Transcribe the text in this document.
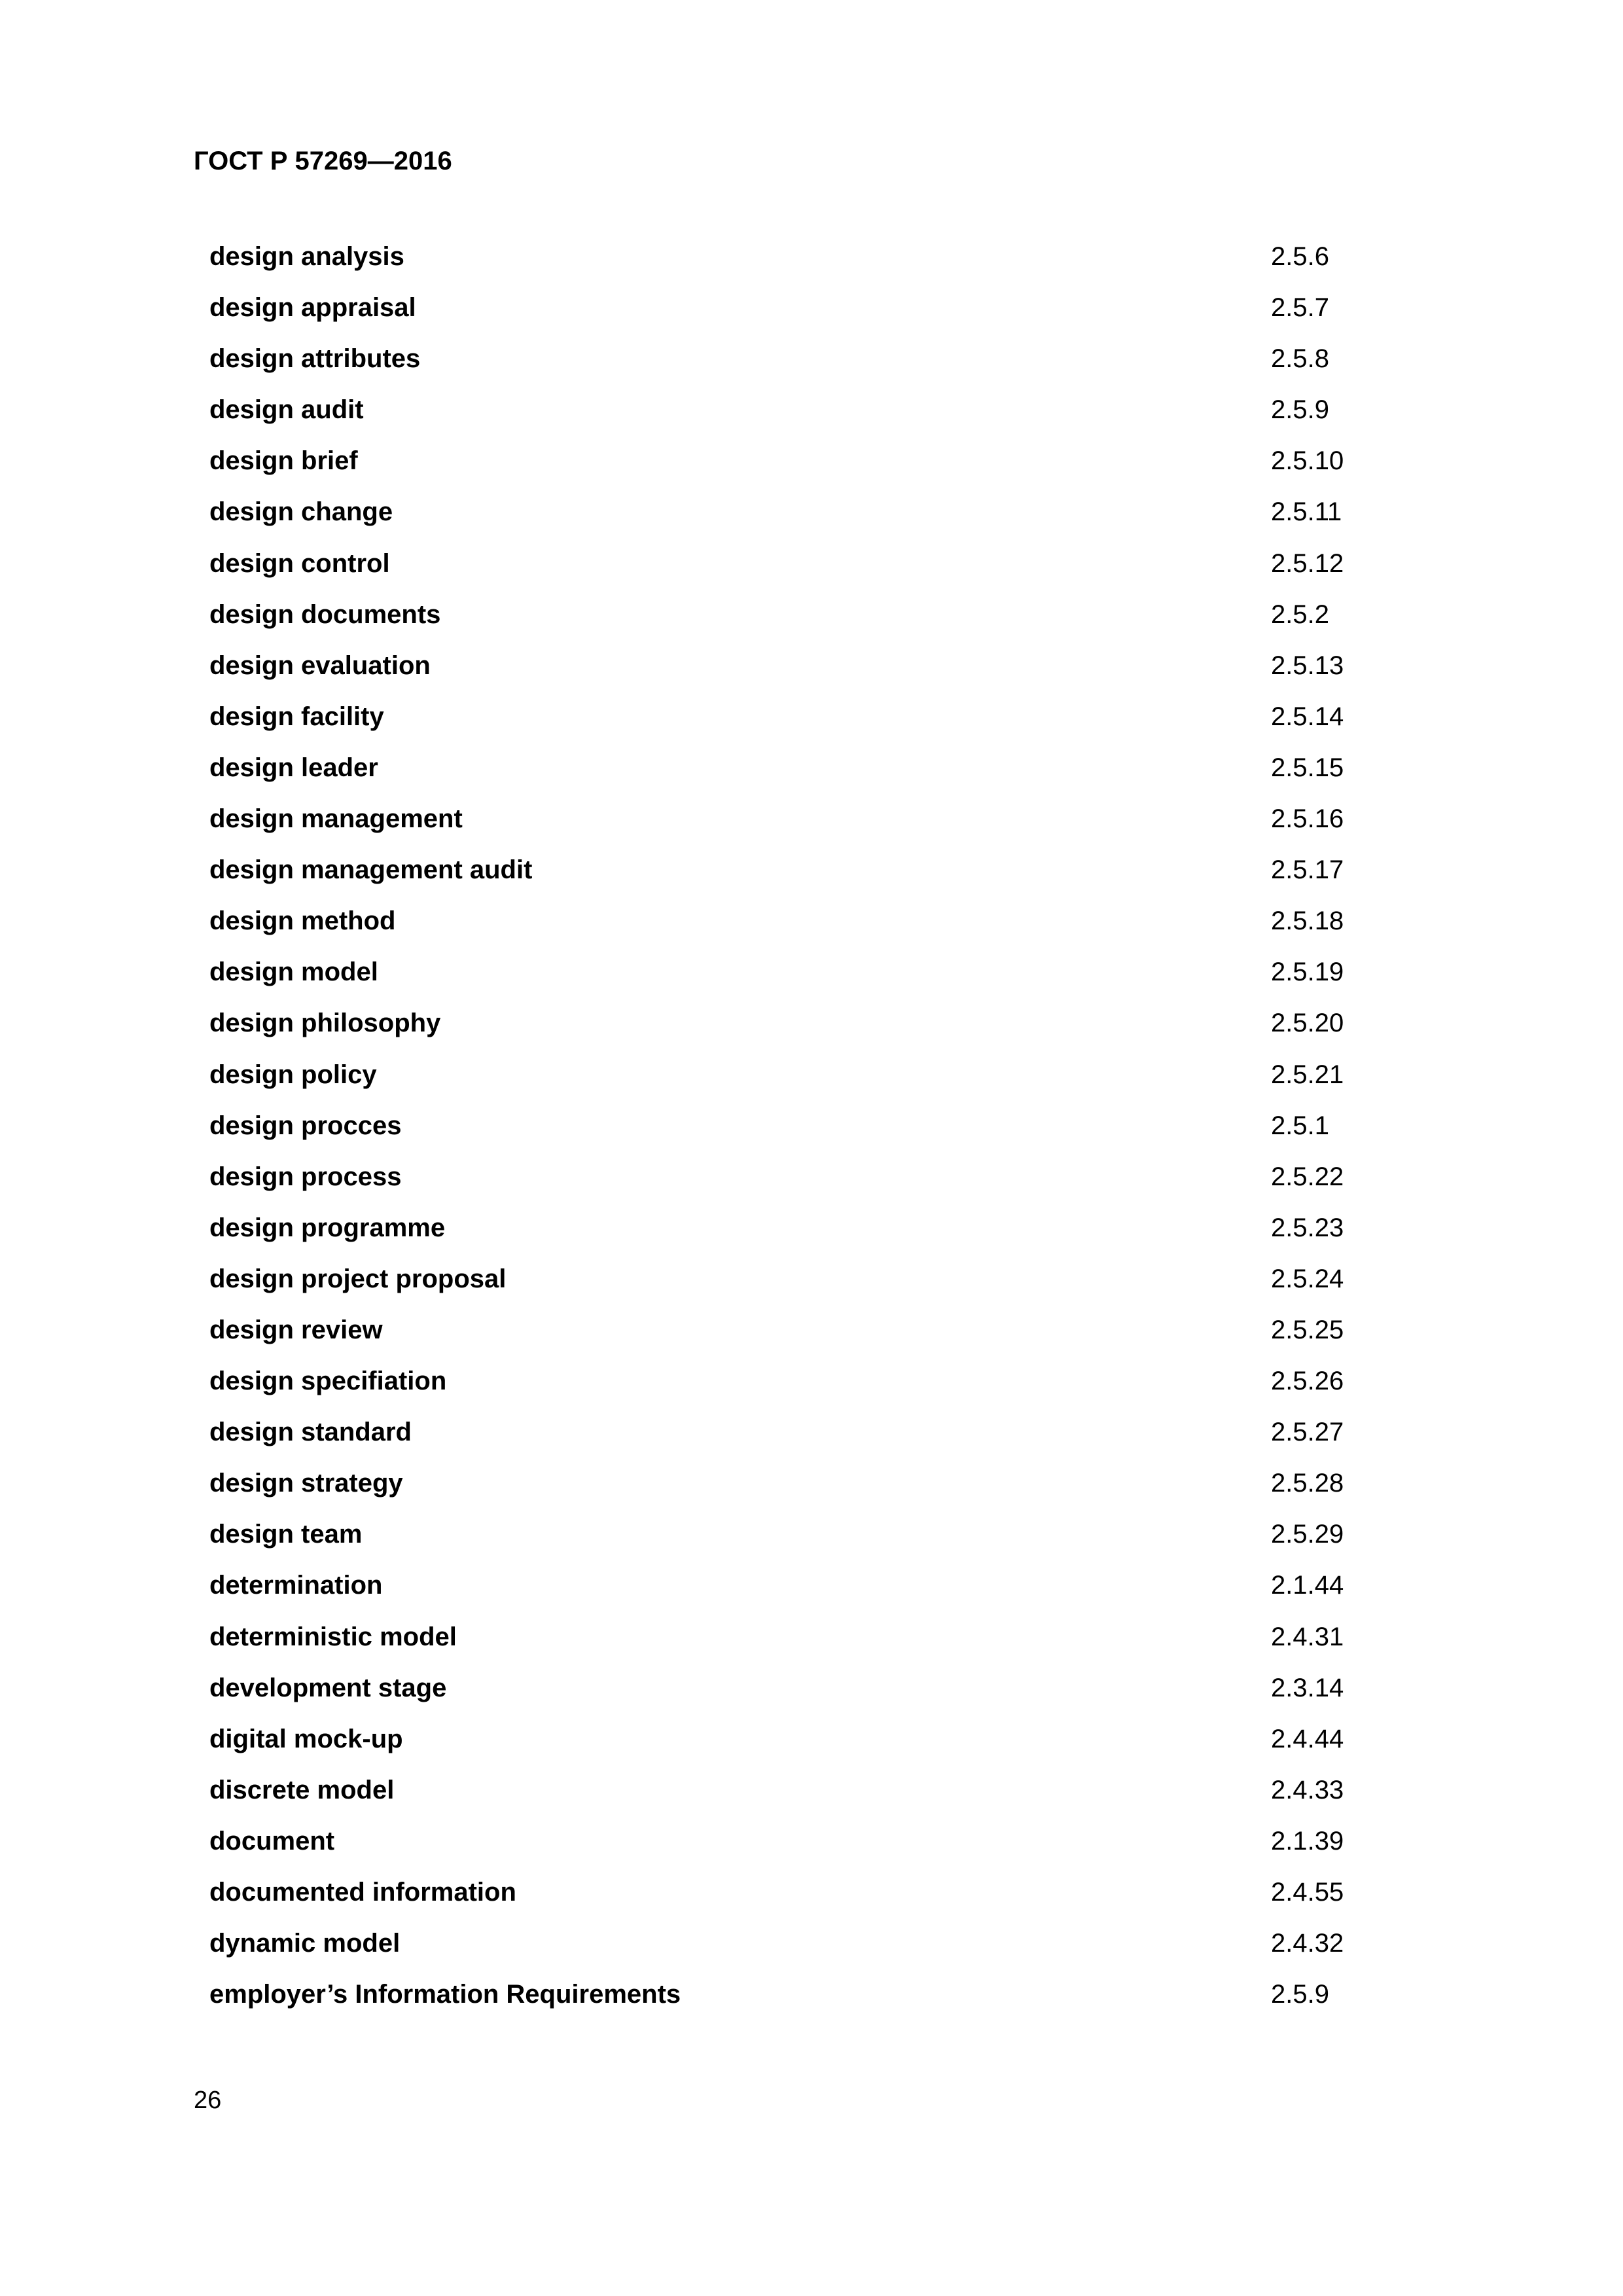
ГОСТ Р 57269—2016
design analysis	2.5.6
design appraisal	2.5.7
design attributes	2.5.8
design audit	2.5.9
design brief	2.5.10
design change	2.5.11
design control	2.5.12
design documents	2.5.2
design evaluation	2.5.13
design facility	2.5.14
design leader	2.5.15
design management	2.5.16
design management audit	2.5.17
design method	2.5.18
design model	2.5.19
design philosophy	2.5.20
design policy	2.5.21
design procces	2.5.1
design process	2.5.22
design programme	2.5.23
design project proposal	2.5.24
design review	2.5.25
design specifiation	2.5.26
design standard	2.5.27
design strategy	2.5.28
design team	2.5.29
determination	2.1.44
deterministic model	2.4.31
development stage	2.3.14
digital mock-up	2.4.44
discrete model	2.4.33
document	2.1.39
documented information	2.4.55
dynamic model	2.4.32
employer’s Information Requirements	2.5.9
26
